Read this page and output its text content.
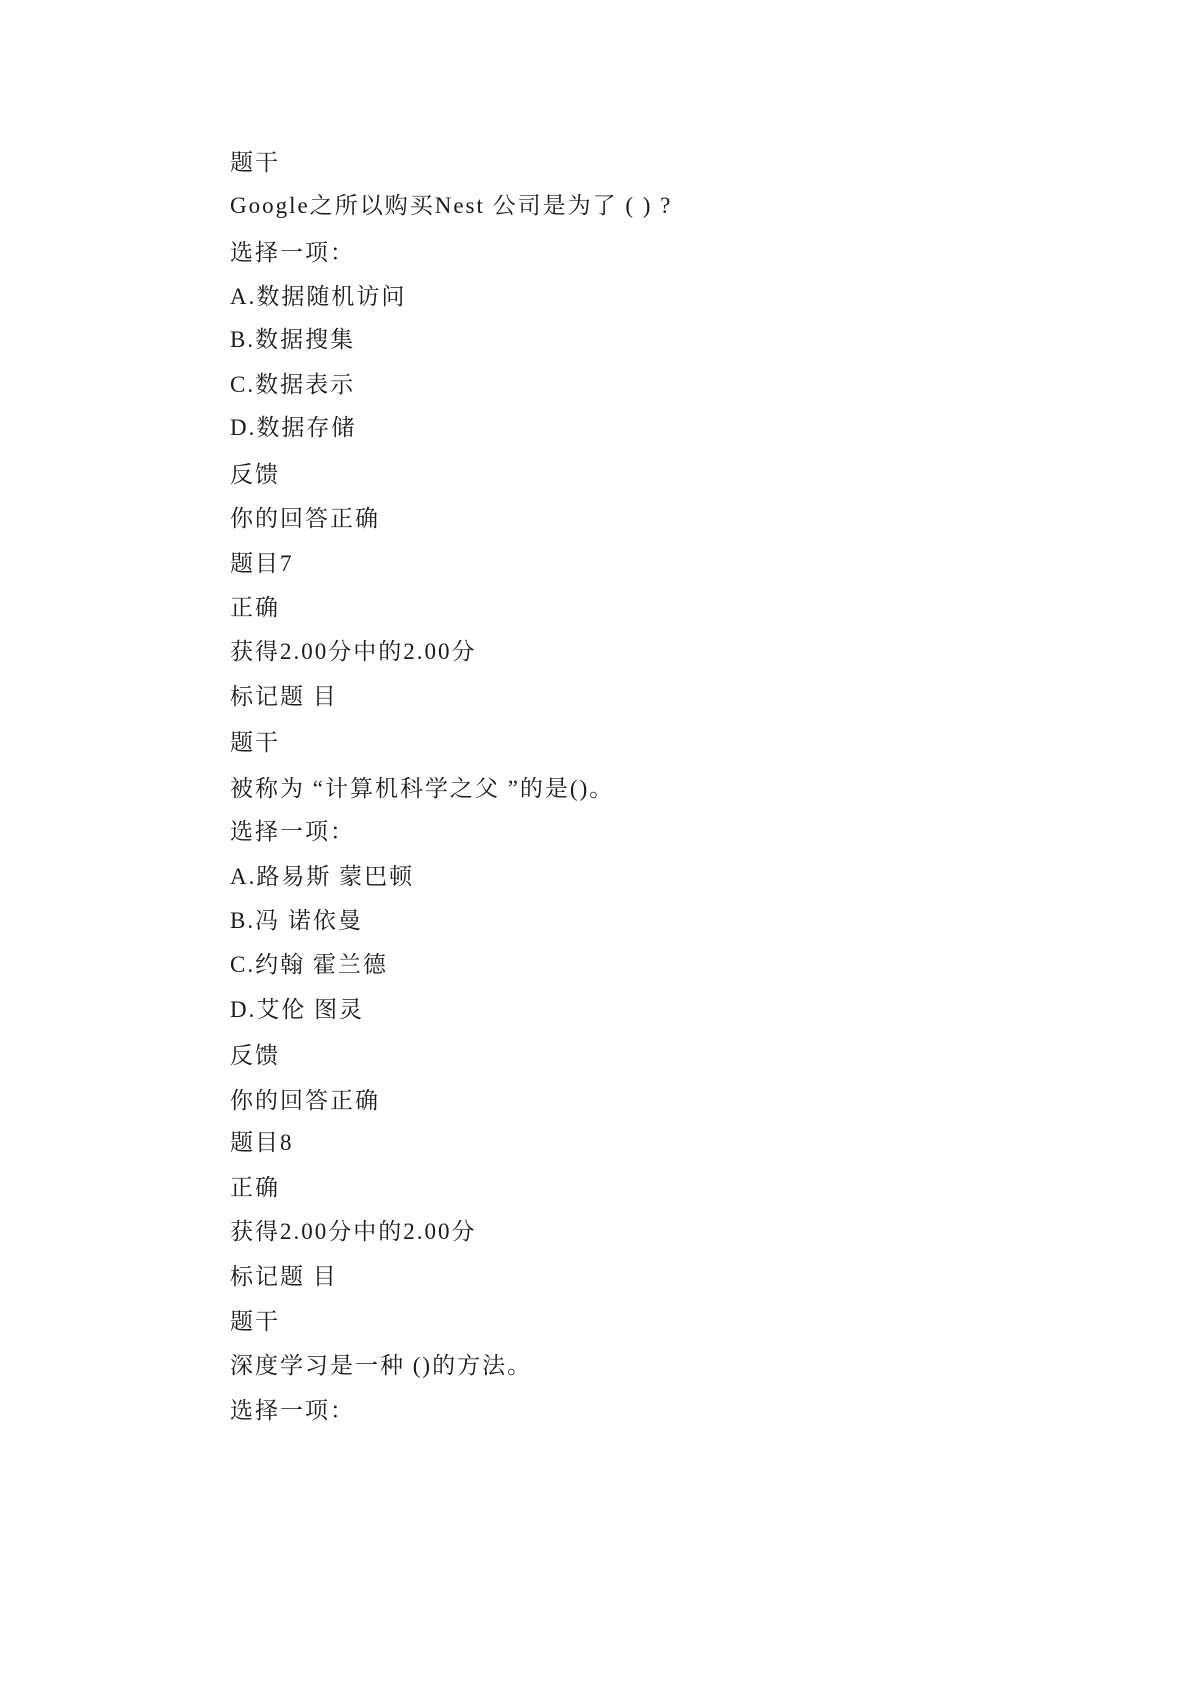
题干
Google之所以购买Nest 公司是为了 ( ) ?
选择一项：
A.数据随机访问
B.数据搜集
C.数据表示
D.数据存储
反馈
你的回答正确
题目7
正确
获得2.00分中的2.00分
标记题 目
题干
被称为 “计算机科学之父 ”的是()。
选择一项：
A.路易斯 蒙巴顿
B.冯 诺依曼
C.约翰 霍兰德
D.艾伦 图灵
反馈
你的回答正确
题目8
正确
获得2.00分中的2.00分
标记题 目
题干
深度学习是一种 ()的方法。
选择一项：
